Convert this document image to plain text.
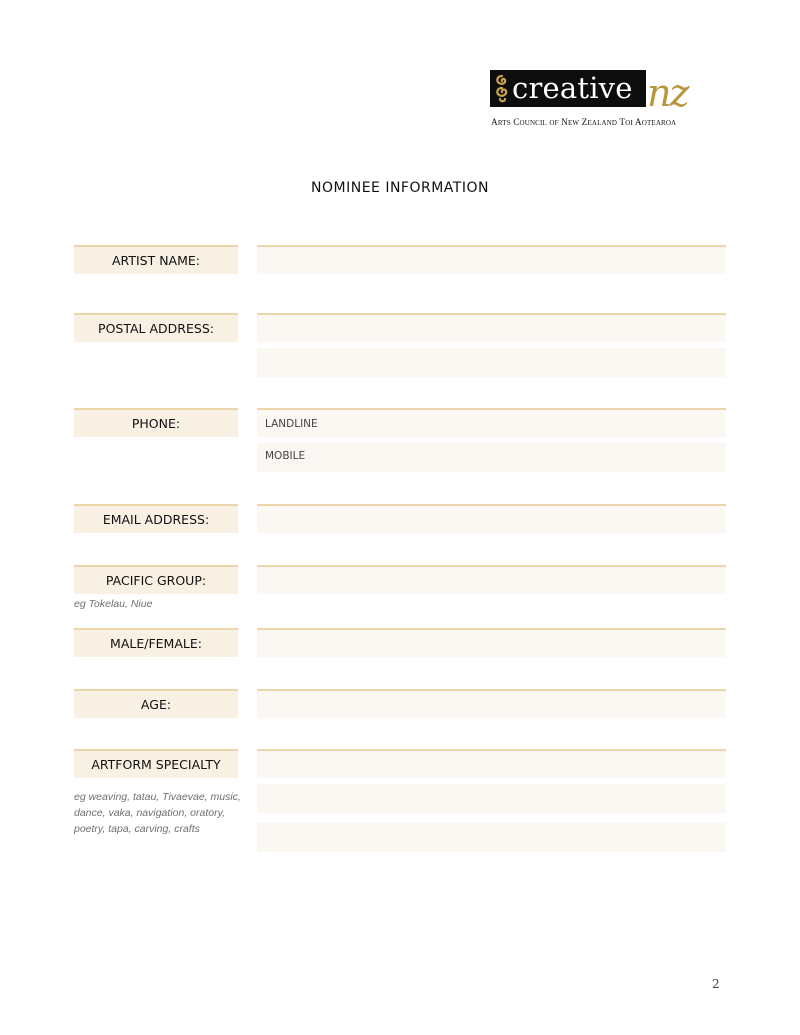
creative nz
Arts Council of New Zealand Toi Aotearoa
NOMINEE INFORMATION
ARTIST NAME:
POSTAL ADDRESS:
PHONE:	LANDLINE
MOBILE
EMAIL ADDRESS:
PACIFIC GROUP:
eg Tokelau, Niue
MALE/FEMALE:
AGE:
ARTFORM SPECIALTY
eg weaving, tatau, Tivaevae, music, dance, vaka, navigation, oratory, poetry, tapa, carving, crafts
2
